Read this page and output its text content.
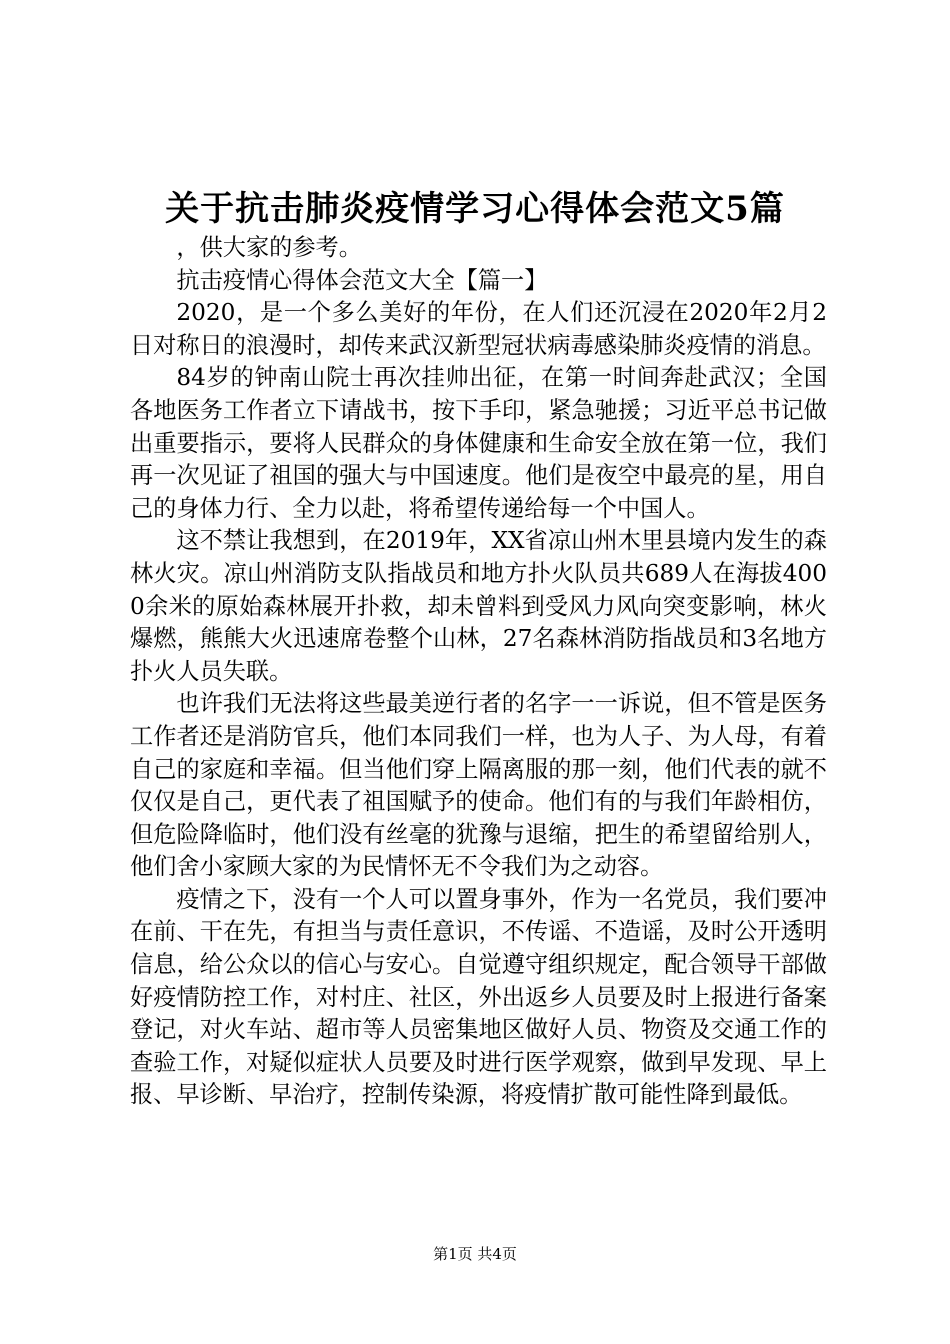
关于抗击肺炎疫情学习心得体会范文5篇

，供大家的参考。

抗击疫情心得体会范文大全【篇一】

2020，是一个多么美好的年份，在人们还沉浸在2020年2月2日对称日的浪漫时，却传来武汉新型冠状病毒感染肺炎疫情的消息。

84岁的钟南山院士再次挂帅出征，在第一时间奔赴武汉；全国各地医务工作者立下请战书，按下手印，紧急驰援；习近平总书记做出重要指示，要将人民群众的身体健康和生命安全放在第一位，我们再一次见证了祖国的强大与中国速度。他们是夜空中最亮的星，用自己的身体力行、全力以赴，将希望传递给每一个中国人。

这不禁让我想到，在2019年，XX省凉山州木里县境内发生的森林火灾。凉山州消防支队指战员和地方扑火队员共689人在海拔4000余米的原始森林展开扑救，却未曾料到受风力风向突变影响，林火爆燃，熊熊大火迅速席卷整个山林，27名森林消防指战员和3名地方扑火人员失联。

也许我们无法将这些最美逆行者的名字一一诉说，但不管是医务工作者还是消防官兵，他们本同我们一样，也为人子、为人母，有着自己的家庭和幸福。但当他们穿上隔离服的那一刻，他们代表的就不仅仅是自己，更代表了祖国赋予的使命。他们有的与我们年龄相仿，但危险降临时，他们没有丝毫的犹豫与退缩，把生的希望留给别人，他们舍小家顾大家的为民情怀无不令我们为之动容。

疫情之下，没有一个人可以置身事外，作为一名党员，我们要冲在前、干在先，有担当与责任意识，不传谣、不造谣，及时公开透明信息，给公众以的信心与安心。自觉遵守组织规定，配合领导干部做好疫情防控工作，对村庄、社区，外出返乡人员要及时上报进行备案登记，对火车站、超市等人员密集地区做好人员、物资及交通工作的查验工作，对疑似症状人员要及时进行医学观察，做到早发现、早上报、早诊断、早治疗，控制传染源，将疫情扩散可能性降到最低。

第1页 共4页
